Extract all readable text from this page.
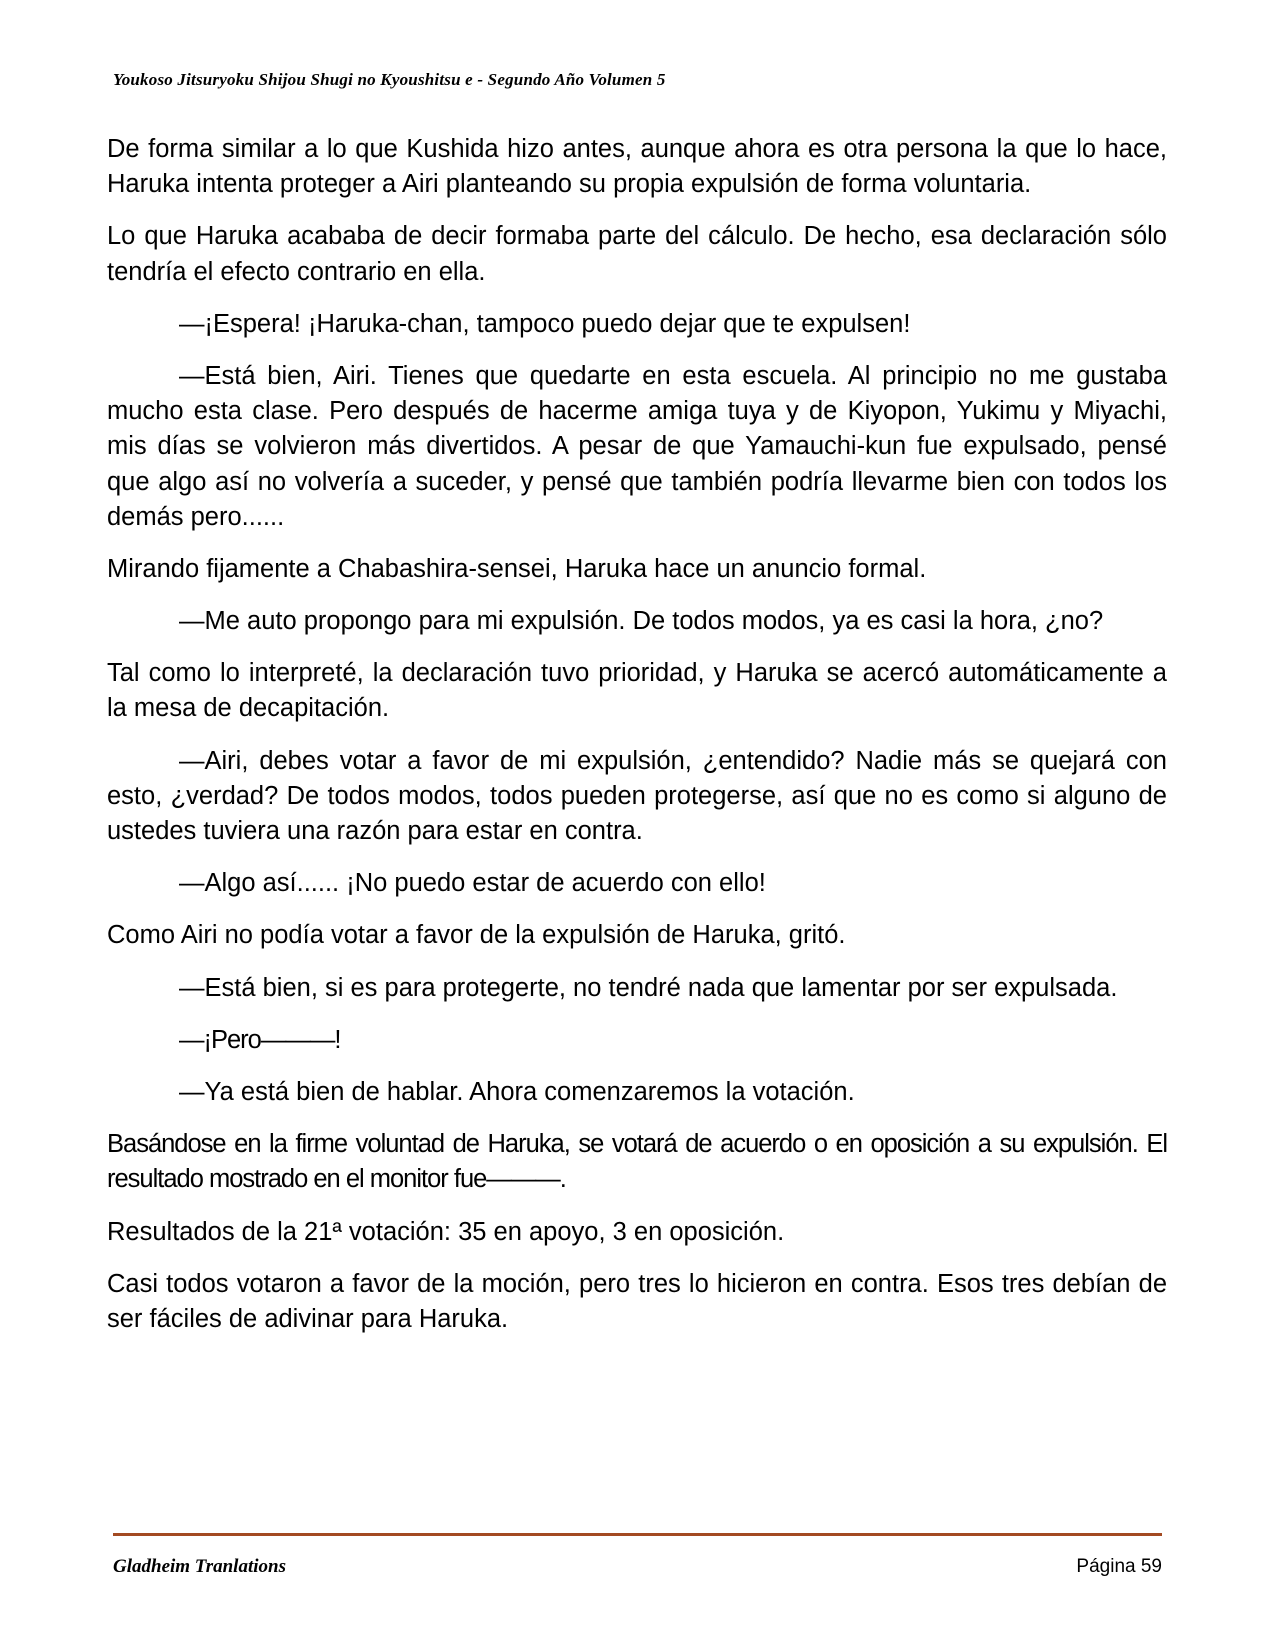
Youkoso Jitsuryoku Shijou Shugi no Kyoushitsu e - Segundo Año Volumen 5

De forma similar a lo que Kushida hizo antes, aunque ahora es otra persona la que lo hace, Haruka intenta proteger a Airi planteando su propia expulsión de forma voluntaria.

Lo que Haruka acababa de decir formaba parte del cálculo. De hecho, esa declaración sólo tendría el efecto contrario en ella.

—¡Espera! ¡Haruka-chan, tampoco puedo dejar que te expulsen!

—Está bien, Airi. Tienes que quedarte en esta escuela. Al principio no me gustaba mucho esta clase. Pero después de hacerme amiga tuya y de Kiyopon, Yukimu y Miyachi, mis días se volvieron más divertidos. A pesar de que Yamauchi-kun fue expulsado, pensé que algo así no volvería a suceder, y pensé que también podría llevarme bien con todos los demás pero......

Mirando fijamente a Chabashira-sensei, Haruka hace un anuncio formal.

—Me auto propongo para mi expulsión. De todos modos, ya es casi la hora, ¿no?

Tal como lo interpreté, la declaración tuvo prioridad, y Haruka se acercó automáticamente a la mesa de decapitación.

—Airi, debes votar a favor de mi expulsión, ¿entendido? Nadie más se quejará con esto, ¿verdad? De todos modos, todos pueden protegerse, así que no es como si alguno de ustedes tuviera una razón para estar en contra.

—Algo así...... ¡No puedo estar de acuerdo con ello!

Como Airi no podía votar a favor de la expulsión de Haruka, gritó.

—Está bien, si es para protegerte, no tendré nada que lamentar por ser expulsada.

—¡Pero———!

—Ya está bien de hablar. Ahora comenzaremos la votación.

Basándose en la firme voluntad de Haruka, se votará de acuerdo o en oposición a su expulsión. El resultado mostrado en el monitor fue———.

Resultados de la 21ª votación: 35 en apoyo, 3 en oposición.

Casi todos votaron a favor de la moción, pero tres lo hicieron en contra. Esos tres debían de ser fáciles de adivinar para Haruka.

Gladheim Tranlations	Página 59
